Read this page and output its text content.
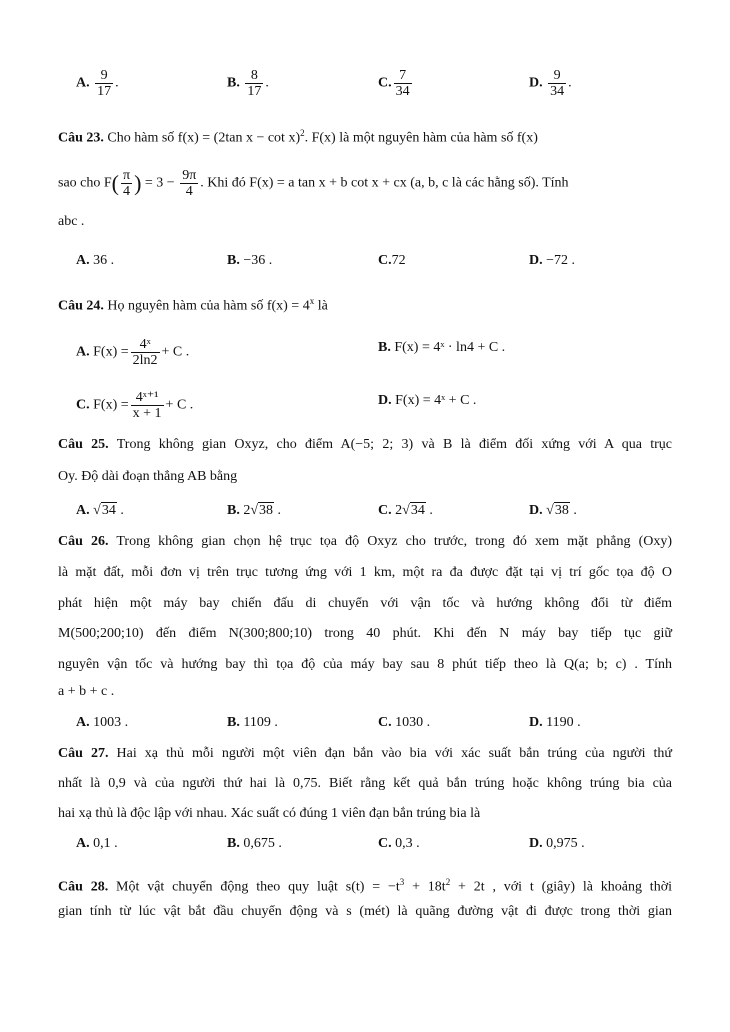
A. $\frac{9}{17}$ .	B. $\frac{8}{17}$ .	C. $\frac{7}{34}$	D. $\frac{9}{34}$ .
Câu 23. Cho hàm số f(x) = (2tan x − cot x)$^2$. F(x) là một nguyên hàm của hàm số f(x)
sao cho $F( \frac{\pi}{4}$ ) = $3 - \frac{9\pi}{4}$ . Khi đó F(x) = a tan x + b cot x + cx (a, b, c là các hằng số). Tính
abc .
A. 36 .	B. −36 .	C.72	D. −72 .
Câu 24. Họ nguyên hàm của hàm số $f(x) = 4^x$ là
A. $F(x) = \frac{\text{4ˣ}}{2\ln 2} + C$ .	B. F(x) = 4ˣ · ln4 + C .
C. $F(x) = \frac{\text{4ˣ⁺¹}}{x + 1} + C$ .	D. F(x) = 4ˣ + C .
Câu 25. Trong không gian Oxyz, cho điểm A(−5; 2; 3) và B là điểm đối xứng với A qua trục
Oy. Độ dài đoạn thẳng AB bằng
A. √34 .	B. 2√38 .	C. 2√34 .	D. √38 .
Câu 26. Trong không gian chọn hệ trục tọa độ Oxyz cho trước, trong đó xem mặt phẳng (Oxy)
là mặt đất, mỗi đơn vị trên trục tương ứng với 1 km, một ra đa được đặt tại vị trí gốc tọa độ O
phát hiện một máy bay chiến đấu di chuyển với vận tốc và hướng không đổi từ điểm
M(500;200;10) đến điểm N(300;800;10) trong 40 phút. Khi đến N máy bay tiếp tục giữ
nguyên vận tốc và hướng bay thì tọa độ của máy bay sau 8 phút tiếp theo là Q(a; b; c) . Tính
a + b + c .
A. 1003 .	B. 1109 .	C. 1030 .	D. 1190 .
Câu 27. Hai xạ thủ mỗi người một viên đạn bắn vào bia với xác suất bắn trúng của người thứ
nhất là 0,9 và của người thứ hai là 0,75. Biết rằng kết quả bắn trúng hoặc không trúng bia của
hai xạ thủ là độc lập với nhau. Xác suất có đúng 1 viên đạn bắn trúng bia là
A. 0,1 .	B. 0,675 .	C. 0,3 .	D. 0,975 .
Câu 28. Một vật chuyển động theo quy luật $s(t) = -t^3 + 18t^2 + 2t$ , với t (giây) là khoảng thời
gian tính từ lúc vật bắt đầu chuyển động và s (mét) là quãng đường vật đi được trong thời gian
